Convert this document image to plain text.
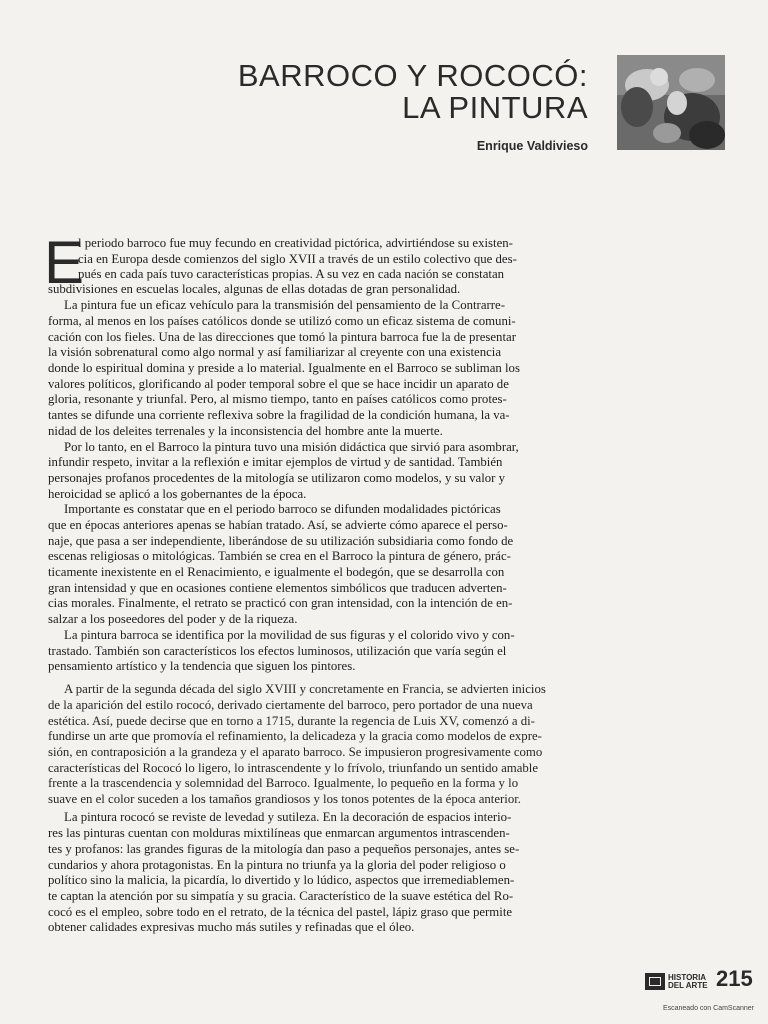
BARROCO Y ROCOCÓ:
LA PINTURA
Enrique Valdivieso
E
l periodo barroco fue muy fecundo en creatividad pictórica, advirtiéndose su existen-
cia en Europa desde comienzos del siglo XVII a través de un estilo colectivo que des-
pués en cada país tuvo características propias. A su vez en cada nación se constatan
subdivisiones en escuelas locales, algunas de ellas dotadas de gran personalidad.
La pintura fue un eficaz vehículo para la transmisión del pensamiento de la Contrarre-
forma, al menos en los países católicos donde se utilizó como un eficaz sistema de comuni-
cación con los fieles. Una de las direcciones que tomó la pintura barroca fue la de presentar
la visión sobrenatural como algo normal y así familiarizar al creyente con una existencia
donde lo espiritual domina y preside a lo material. Igualmente en el Barroco se subliman los
valores políticos, glorificando al poder temporal sobre el que se hace incidir un aparato de
gloria, resonante y triunfal. Pero, al mismo tiempo, tanto en países católicos como protes-
tantes se difunde una corriente reflexiva sobre la fragilidad de la condición humana, la va-
nidad de los deleites terrenales y la inconsistencia del hombre ante la muerte.
Por lo tanto, en el Barroco la pintura tuvo una misión didáctica que sirvió para asombrar,
infundir respeto, invitar a la reflexión e imitar ejemplos de virtud y de santidad. También
personajes profanos procedentes de la mitología se utilizaron como modelos, y su valor y
heroicidad se aplicó a los gobernantes de la época.
Importante es constatar que en el periodo barroco se difunden modalidades pictóricas
que en épocas anteriores apenas se habían tratado. Así, se advierte cómo aparece el perso-
naje, que pasa a ser independiente, liberándose de su utilización subsidiaria como fondo de
escenas religiosas o mitológicas. También se crea en el Barroco la pintura de género, prác-
ticamente inexistente en el Renacimiento, e igualmente el bodegón, que se desarrolla con
gran intensidad y que en ocasiones contiene elementos simbólicos que traducen adverten-
cias morales. Finalmente, el retrato se practicó con gran intensidad, con la intención de en-
salzar a los poseedores del poder y de la riqueza.
La pintura barroca se identifica por la movilidad de sus figuras y el colorido vivo y con-
trastado. También son característicos los efectos luminosos, utilización que varía según el
pensamiento artístico y la tendencia que siguen los pintores.
A partir de la segunda década del siglo XVIII y concretamente en Francia, se advierten inicios
de la aparición del estilo rococó, derivado ciertamente del barroco, pero portador de una nueva
estética. Así, puede decirse que en torno a 1715, durante la regencia de Luis XV, comenzó a di-
fundirse un arte que promovía el refinamiento, la delicadeza y la gracia como modelos de expre-
sión, en contraposición a la grandeza y el aparato barroco. Se impusieron progresivamente como
características del Rococó lo ligero, lo intrascendente y lo frívolo, triunfando un sentido amable
frente a la trascendencia y solemnidad del Barroco. Igualmente, lo pequeño en la forma y lo
suave en el color suceden a los tamaños grandiosos y los tonos potentes de la época anterior.
La pintura rococó se reviste de levedad y sutileza. En la decoración de espacios interio-
res las pinturas cuentan con molduras mixtilíneas que enmarcan argumentos intrascenden-
tes y profanos: las grandes figuras de la mitología dan paso a pequeños personajes, antes se-
cundarios y ahora protagonistas. En la pintura no triunfa ya la gloria del poder religioso o
político sino la malicia, la picardía, lo divertido y lo lúdico, aspectos que irremediablemen-
te captan la atención por su simpatía y su gracia. Característico de la suave estética del Ro-
cocó es el empleo, sobre todo en el retrato, de la técnica del pastel, lápiz graso que permite
obtener calidades expresivas mucho más sutiles y refinadas que el óleo.
HISTORIA
DEL ARTE 215
Escaneado con CamScanner
